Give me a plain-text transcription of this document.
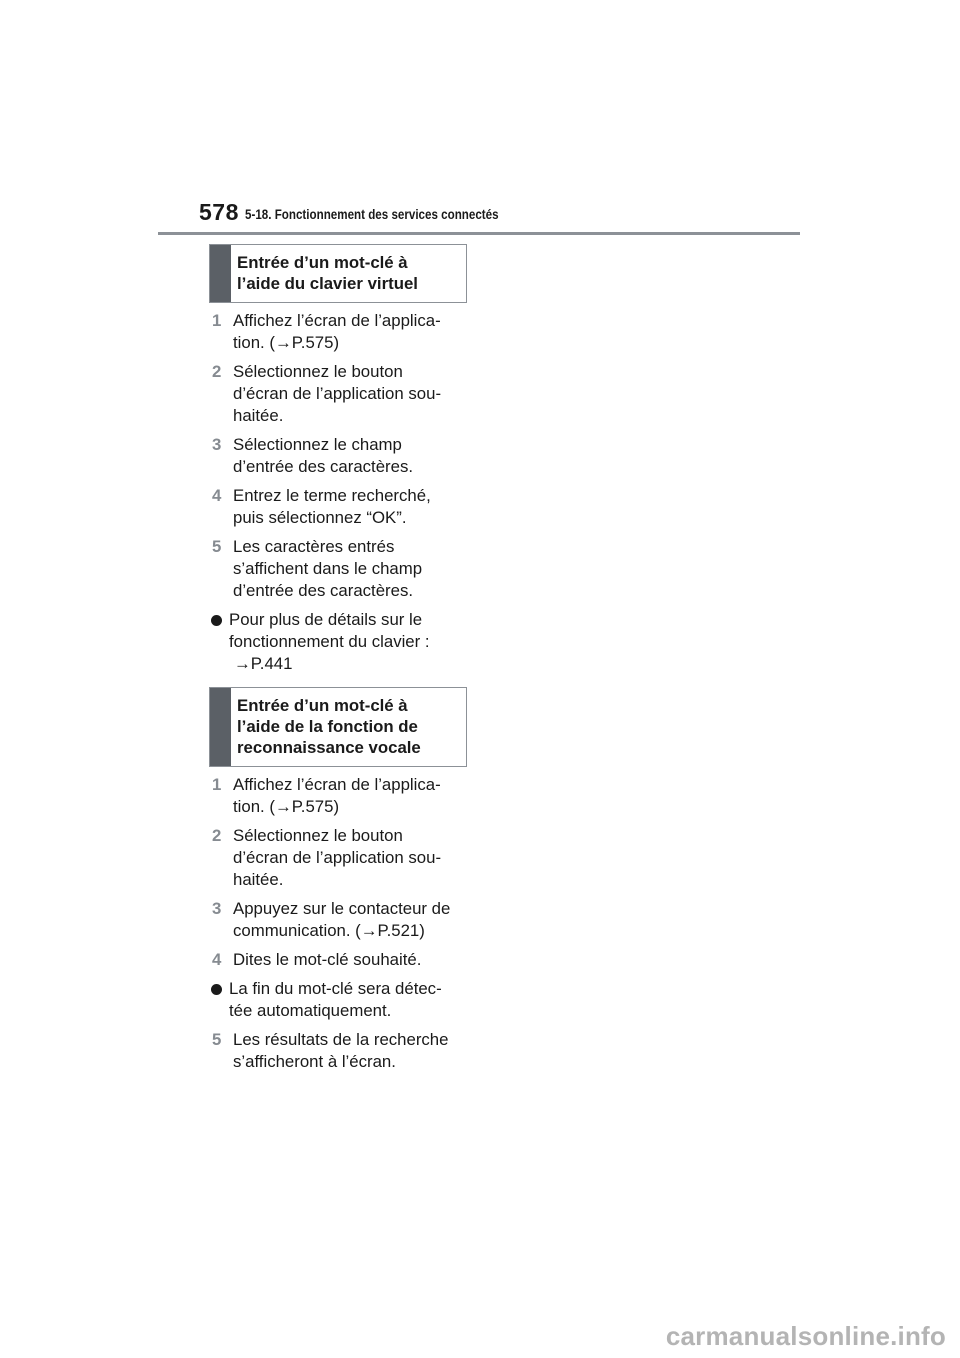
578 5-18. Fonctionnement des services connectés
Entrée d’un mot-clé à
l’aide du clavier virtuel
1 Affichez l’écran de l’applica-
tion. (→P.575)
2 Sélectionnez le bouton
d’écran de l’application sou-
haitée.
3 Sélectionnez le champ
d’entrée des caractères.
4 Entrez le terme recherché,
puis sélectionnez “OK”.
5 Les caractères entrés
s’affichent dans le champ
d’entrée des caractères.
Pour plus de détails sur le
fonctionnement du clavier :

→P.441
Entrée d’un mot-clé à
l’aide de la fonction de
reconnaissance vocale
1 Affichez l’écran de l’applica-
tion. (→P.575)
2 Sélectionnez le bouton
d’écran de l’application sou-
haitée.
3 Appuyez sur le contacteur de
communication. (→P.521)
4 Dites le mot-clé souhaité.
La fin du mot-clé sera détec-
tée automatiquement.
5 Les résultats de la recherche
s’afficheront à l’écran.
carmanualsonline.info
